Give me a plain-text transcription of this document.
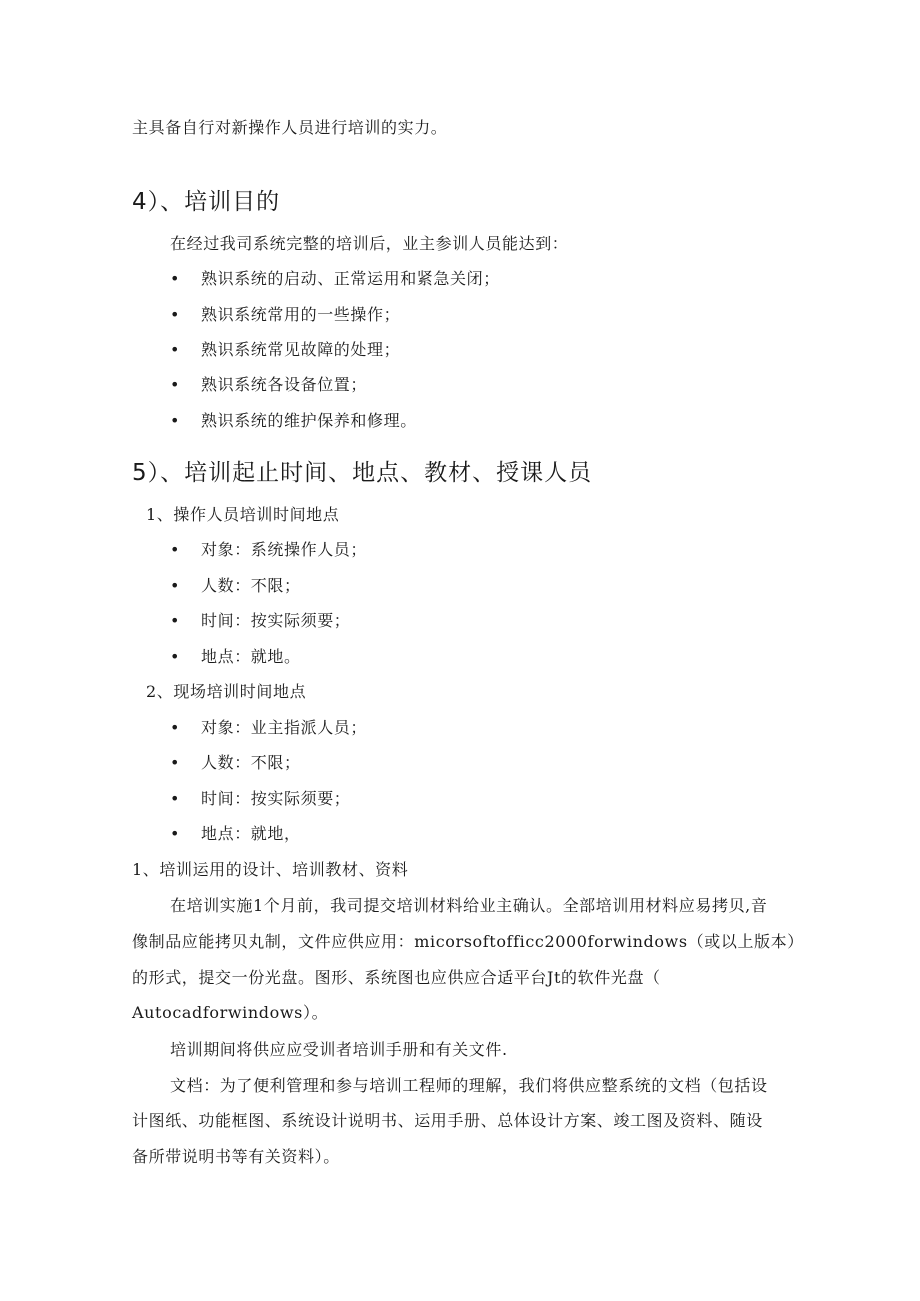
主具备自行对新操作人员进行培训的实力。
4）、培训目的
在经过我司系统完整的培训后，业主参训人员能达到：
• 熟识系统的启动、正常运用和紧急关闭；
• 熟识系统常用的一些操作；
• 熟识系统常见故障的处理；
• 熟识系统各设备位置；
• 熟识系统的维护保养和修理。
5）、培训起止时间、地点、教材、授课人员
1、操作人员培训时间地点
• 对象：系统操作人员；
• 人数：不限；
• 时间：按实际须要；
• 地点：就地。
2、现场培训时间地点
• 对象：业主指派人员；
• 人数：不限；
• 时间：按实际须要；
• 地点：就地，
1、培训运用的设计、培训教材、资料
在培训实施1个月前，我司提交培训材料给业主确认。全部培训用材料应易拷贝,音
像制品应能拷贝丸制，文件应供应用：micorsoftofficc2000forwindows（或以上版本）
的形式，提交一份光盘。图形、系统图也应供应合适平台Jt的软件光盘（
Autocadforwindows）。
培训期间将供应应受训者培训手册和有关文件.
文档：为了便利管理和参与培训工程师的理解，我们将供应整系统的文档（包括设
计图纸、功能框图、系统设计说明书、运用手册、总体设计方案、竣工图及资料、随设
备所带说明书等有关资料）。
